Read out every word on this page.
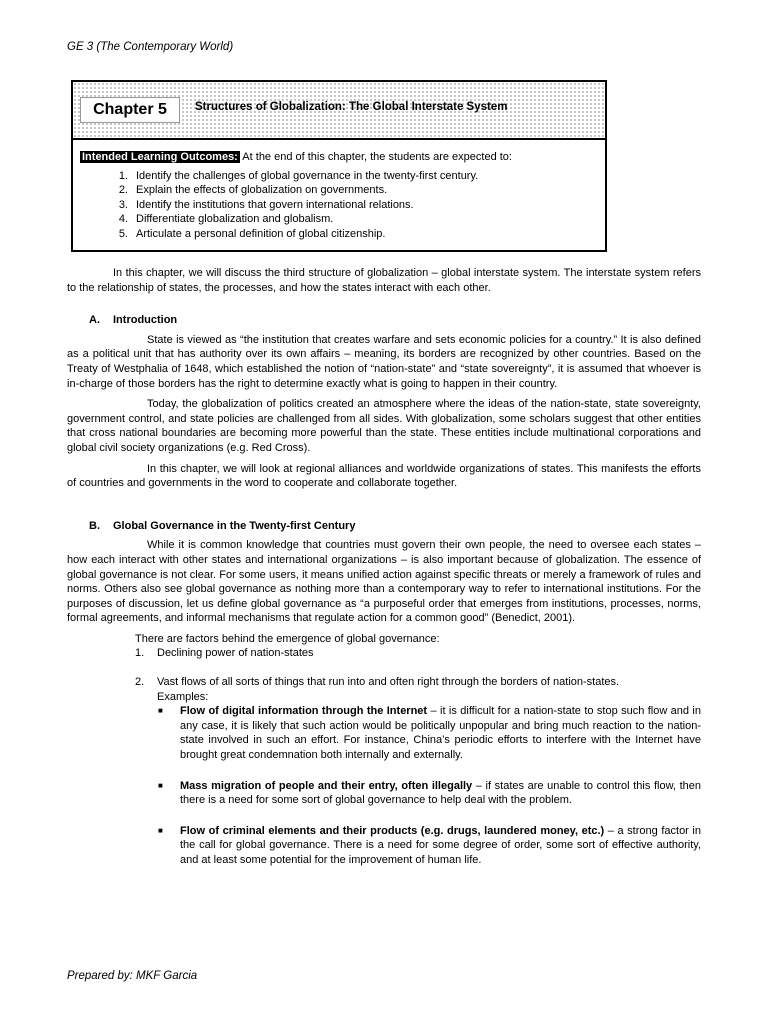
GE 3 (The Contemporary World)
Chapter 5	Structures of Globalization: The Global Interstate System
Intended Learning Outcomes: At the end of this chapter, the students are expected to:
1. Identify the challenges of global governance in the twenty-first century.
2. Explain the effects of globalization on governments.
3. Identify the institutions that govern international relations.
4. Differentiate globalization and globalism.
5. Articulate a personal definition of global citizenship.

In this chapter, we will discuss the third structure of globalization – global interstate system. The interstate system refers to the relationship of states, the processes, and how the states interact with each other.

A. Introduction

State is viewed as “the institution that creates warfare and sets economic policies for a country.” It is also defined as a political unit that has authority over its own affairs – meaning, its borders are recognized by other countries. Based on the Treaty of Westphalia of 1648, which established the notion of “nation-state” and “state sovereignty”, it is assumed that whoever is in-charge of those borders has the right to determine exactly what is going to happen in their country.

Today, the globalization of politics created an atmosphere where the ideas of the nation-state, state sovereignty, government control, and state policies are challenged from all sides. With globalization, some scholars suggest that other entities that cross national boundaries are becoming more powerful than the state. These entities include multinational corporations and global civil society organizations (e.g. Red Cross).

In this chapter, we will look at regional alliances and worldwide organizations of states. This manifests the efforts of countries and governments in the word to cooperate and collaborate together.

B. Global Governance in the Twenty-first Century

While it is common knowledge that countries must govern their own people, the need to oversee each states – how each interact with other states and international organizations – is also important because of globalization. The essence of global governance is not clear. For some users, it means unified action against specific threats or merely a framework of rules and norms. Others also see global governance as nothing more than a contemporary way to refer to international institutions. For the purposes of discussion, let us define global governance as “a purposeful order that emerges from institutions, processes, norms, formal agreements, and informal mechanisms that regulate action for a common good” (Benedict, 2001).

There are factors behind the emergence of global governance:

1.	Declining power of nation-states
2.	Vast flows of all sorts of things that run into and often right through the borders of nation-states.
Examples:
■	Flow of digital information through the Internet – it is difficult for a nation-state to stop such flow and in any case, it is likely that such action would be politically unpopular and bring much reaction to the nation-state involved in such an effort. For instance, China’s periodic efforts to interfere with the Internet have brought great condemnation both internally and externally.
■	Mass migration of people and their entry, often illegally – if states are unable to control this flow, then there is a need for some sort of global governance to help deal with the problem.
■	Flow of criminal elements and their products (e.g. drugs, laundered money, etc.) – a strong factor in the call for global governance. There is a need for some degree of order, some sort of effective authority, and at least some potential for the improvement of human life.
Prepared by: MKF Garcia
